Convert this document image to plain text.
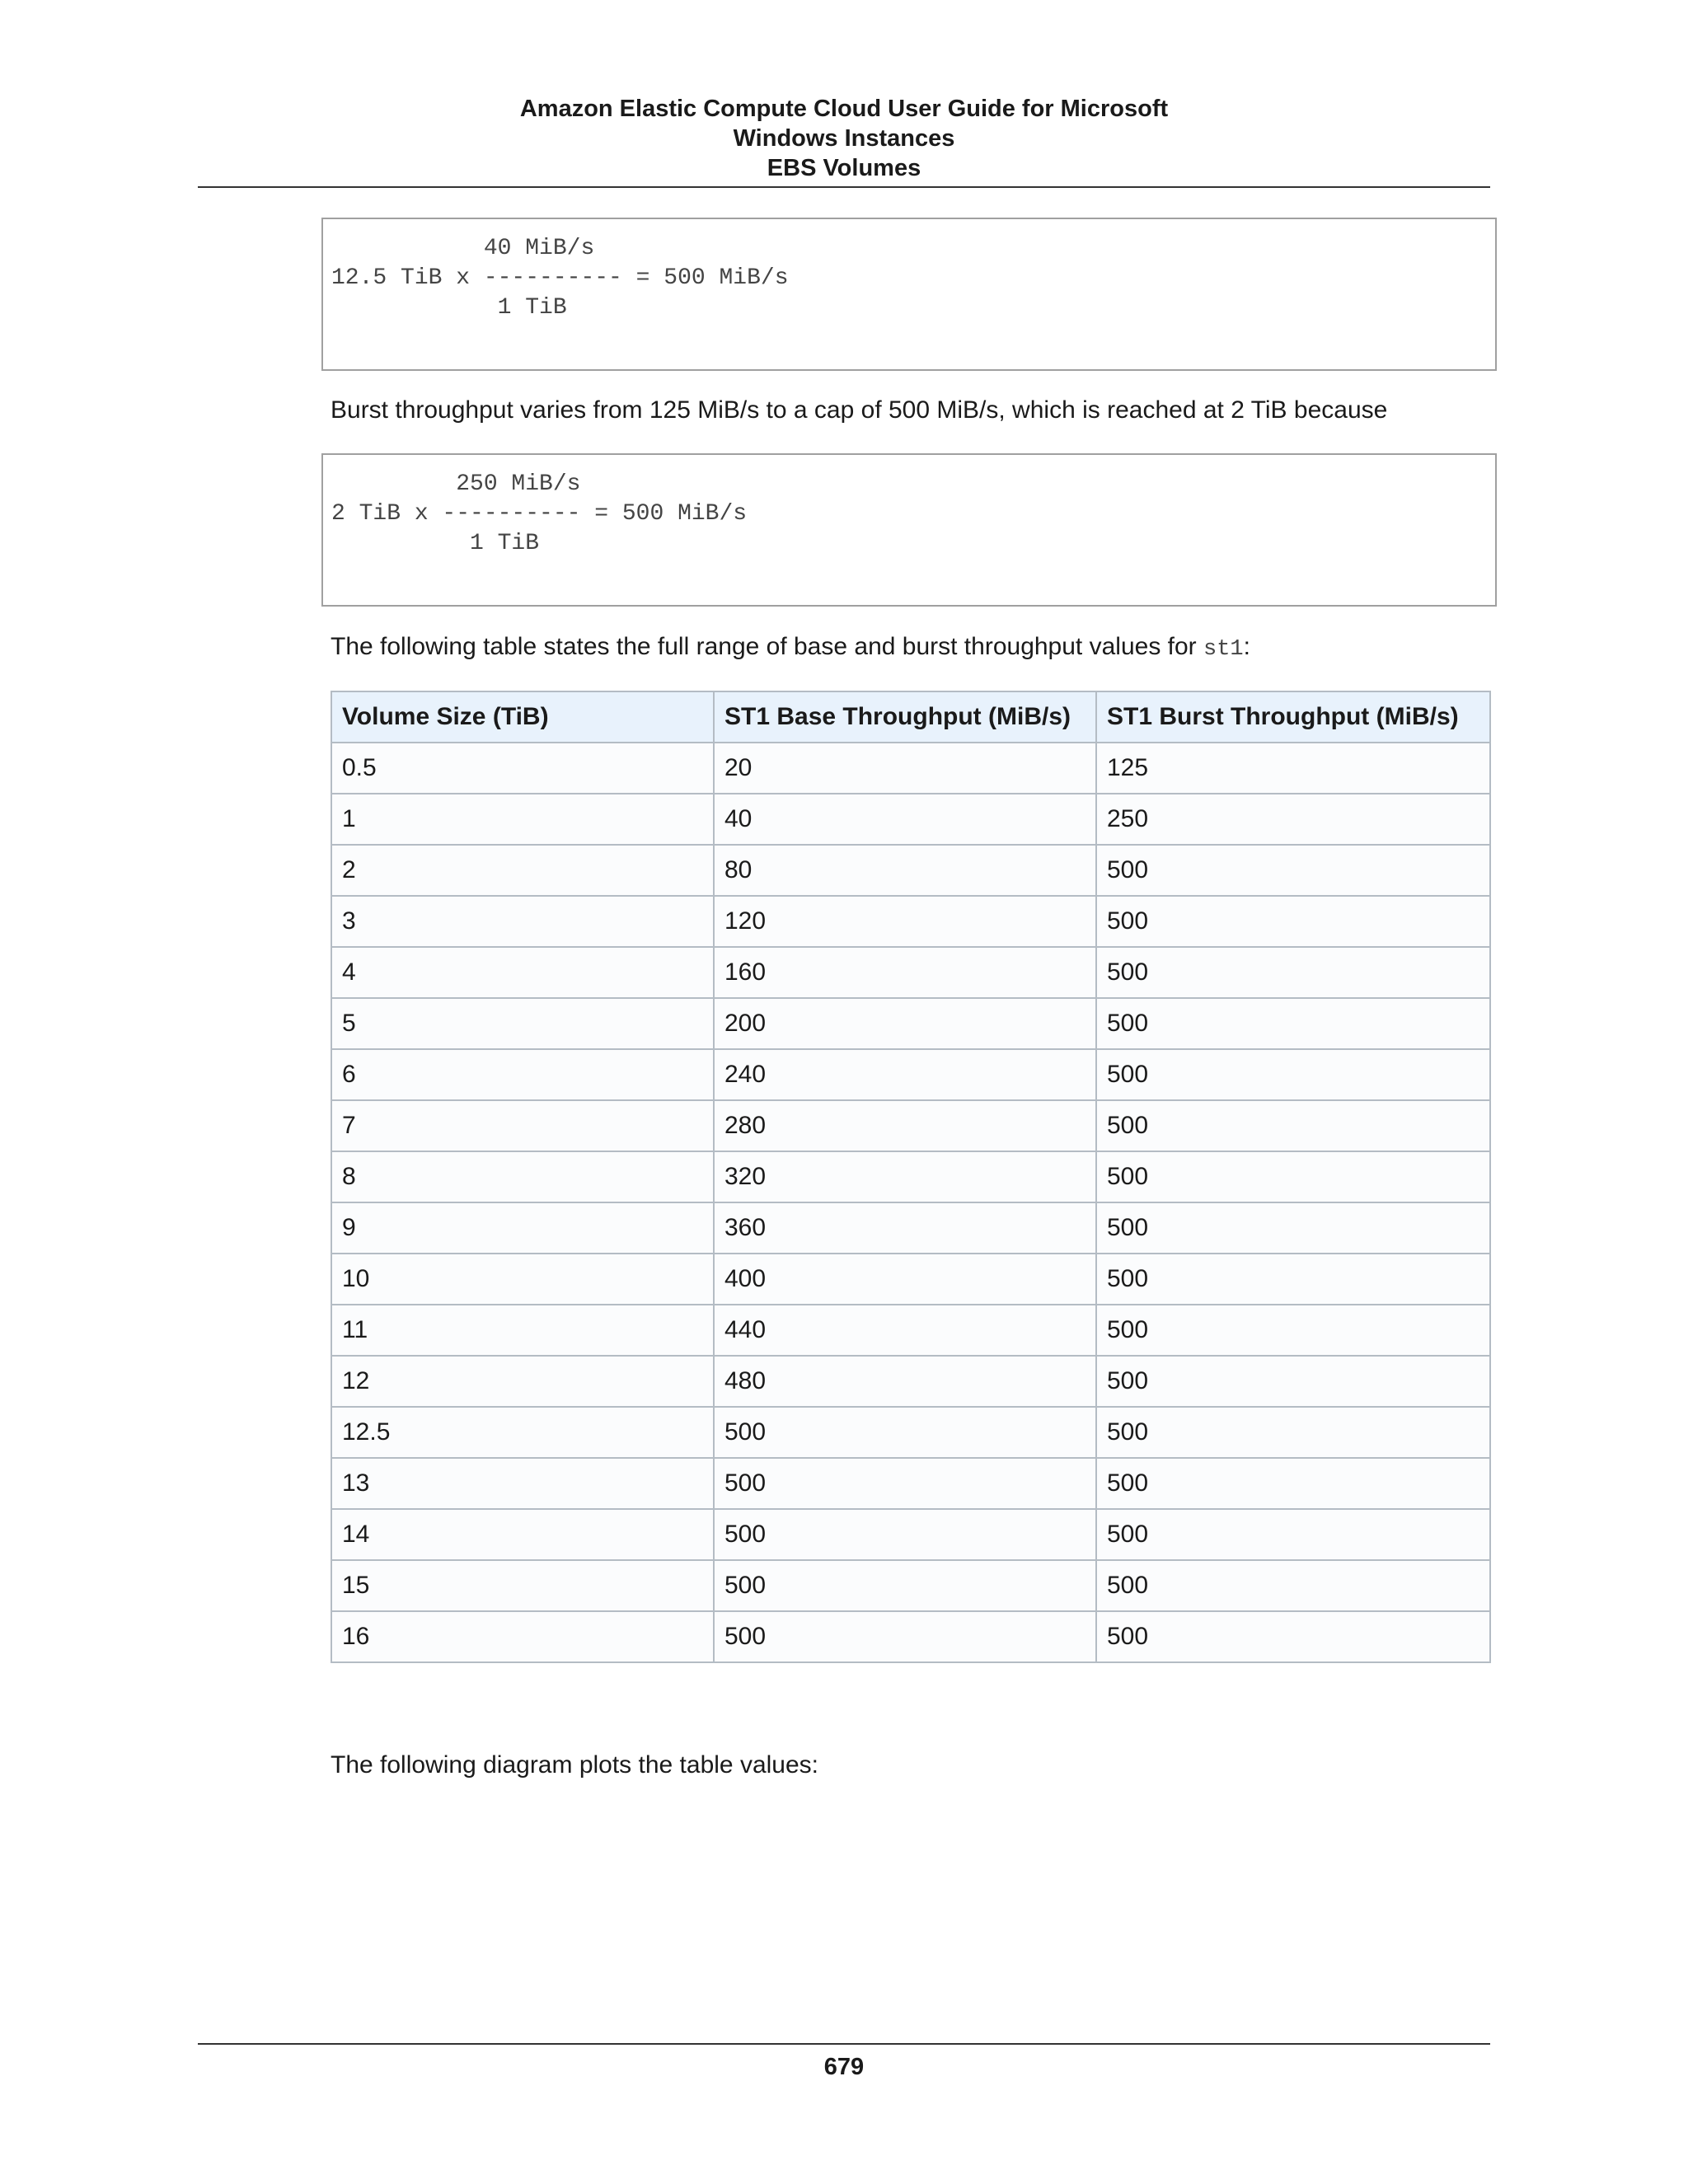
Amazon Elastic Compute Cloud User Guide for Microsoft
Windows Instances
EBS Volumes
40 MiB/s
12.5 TiB x ---------- = 500 MiB/s
1 TiB
Burst throughput varies from 125 MiB/s to a cap of 500 MiB/s, which is reached at 2 TiB because
250 MiB/s
2 TiB x ---------- = 500 MiB/s
1 TiB
The following table states the full range of base and burst throughput values for st1:
Volume Size (TiB)	ST1 Base Throughput (MiB/s)	ST1 Burst Throughput (MiB/s)
0.5	20	125
1	40	250
2	80	500
3	120	500
4	160	500
5	200	500
6	240	500
7	280	500
8	320	500
9	360	500
10	400	500
11	440	500
12	480	500
12.5	500	500
13	500	500
14	500	500
15	500	500
16	500	500
The following diagram plots the table values:
679
